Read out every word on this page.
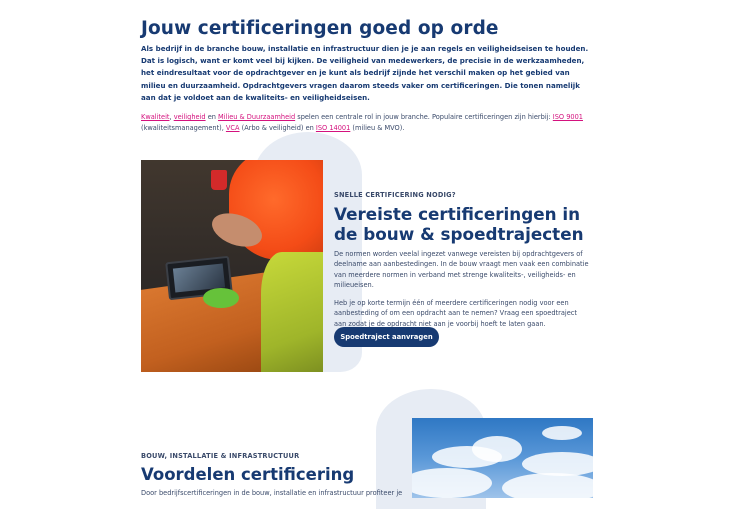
Jouw certificeringen goed op orde

Als bedrijf in de branche bouw, installatie en infrastructuur dien je je aan regels en veiligheidseisen te houden. Dat is logisch, want er komt veel bij kijken. De veiligheid van medewerkers, de precisie in de werkzaamheden, het eindresultaat voor de opdrachtgever en je kunt als bedrijf zijnde het verschil maken op het gebied van milieu en duurzaamheid. Opdrachtgevers vragen daarom steeds vaker om certificeringen. Die tonen namelijk aan dat je voldoet aan de kwaliteits- en veiligheidseisen.

Kwaliteit, veiligheid en Milieu & Duurzaamheid spelen een centrale rol in jouw branche. Populaire certificeringen zijn hierbij: ISO 9001 (kwaliteitsmanagement), VCA (Arbo & veiligheid) en ISO 14001 (milieu & MVO).

SNELLE CERTIFICERING NODIG?

Vereiste certificeringen in de bouw & spoedtrajecten

De normen worden veelal ingezet vanwege vereisten bij opdrachtgevers of deelname aan aanbestedingen. In de bouw vraagt men vaak een combinatie van meerdere normen in verband met strenge kwaliteits-, veiligheids- en milieueisen.

Heb je op korte termijn één of meerdere certificeringen nodig voor een aanbesteding of om een opdracht aan te nemen? Vraag een spoedtraject aan zodat je de opdracht niet aan je voorbij hoeft te laten gaan.

Spoedtraject aanvragen

BOUW, INSTALLATIE & INFRASTRUCTUUR

Voordelen certificering

Door bedrijfscertificeringen in de bouw, installatie en infrastructuur profiteer je
